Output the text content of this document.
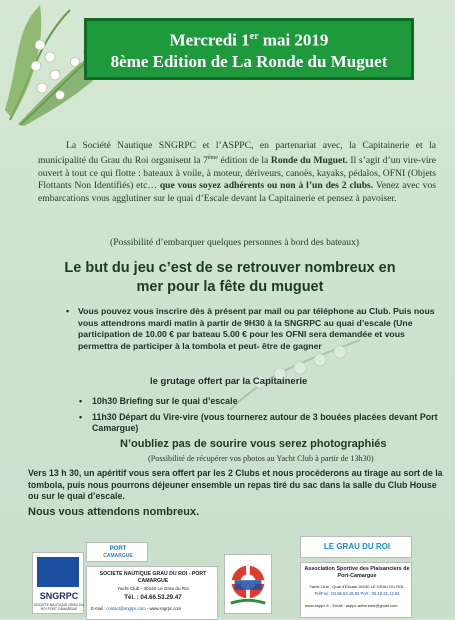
Mercredi 1er mai 2019
8ème Edition de La Ronde du Muguet
La Société Nautique SNGRPC et l’ASPPC, en partenariat avec, la Capitainerie et la municipalité du Grau du Roi organisent la 7ème édition de la Ronde du Muguet. Il s’agit d’un vire-vire ouvert à tout ce qui flotte : bateaux à voile, à moteur, dériveurs, canoës, kayaks, pédalos, OFNI (Objets Flottants Non Identifiés) etc… que vous soyez adhérents ou non à l’un des 2 clubs. Venez avec vos embarcations vous agglutiner sur le quai d’Escale devant la Capitainerie et pensez à pavoiser.
(Possibilité d’embarquer quelques personnes à bord des bateaux)
Le but du jeu c’est de se retrouver nombreux en
mer pour la fête du muguet
• Vous pouvez vous inscrire dès à présent par mail ou par téléphone au Club. Puis nous vous attendrons mardi matin à partir de 9H30 à la SNGRPC au quai d’escale (Une participation de 10.00 € par bateau 5.00 € pour les OFNI sera demandée et vous permettra de participer à la tombola et peut- être de gagner
le grutage offert par la Capitainerie
• 10h30 Briefing sur le quai d’escale
• 11h30 Départ du Vire-vire (vous tournerez autour de 3 bouées placées devant Port Camargue)
N’oubliez pas de sourire vous serez photographiés
(Possibilité de récupérer vos photos au Yacht Club à partir de 13h30)
Vers 13 h 30, un apéritif vous sera offert par les 2 Clubs et nous procéderons au tirage au sort de la tombola, puis nous pourrons déjeuner ensemble un repas tiré du sac dans la salle du Club House ou sur le quai d’escale.
Nous vous attendons nombreux.
SNGRPC
SOCIETE NAUTIQUE GRAU DU ROI PORT CAMARGUE
PORT
CAMARGUE
SOCIETE NAUTIQUE GRAU DU ROI - PORT CAMARGUE
Yacht Club - 30240 Le Grau du Roi
Tél. : 04.66.53.29.47
E-mail : contact@sngrpc.com - www.sngrpc.com
LE GRAU DU ROI
Association Sportive des Plaisanciers de Port-Camargue
Yacht-Club - Quai d’Escale-30240 LE GRAU DU ROI-
Tel/Fax : 04.66.53.19.92 Port : 06.13.31.12.64
www.asppc.fr - Email : asppc.adherents@gmail.com
